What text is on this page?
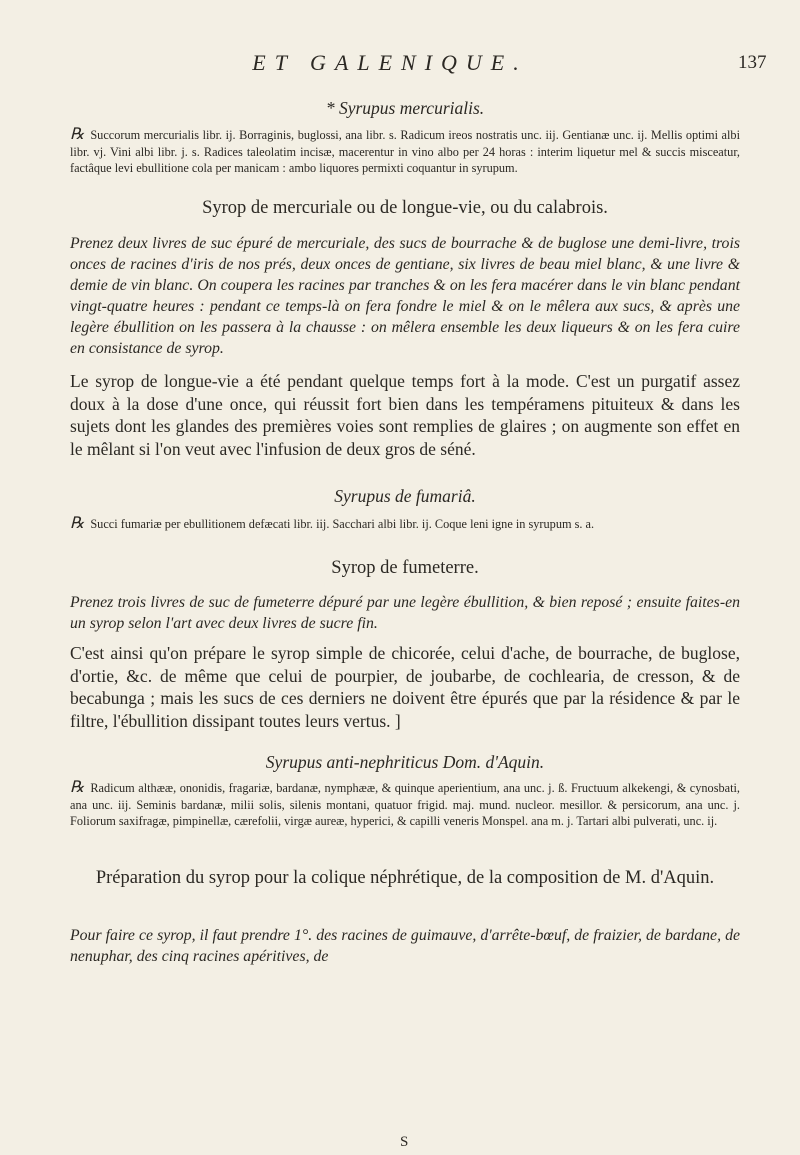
ET GALENIQUE.	137
* Syrupus mercurialis.
℞ Succorum mercurialis libr. ij. Borraginis, buglossi, ana libr. s. Radicum ireos nostratis unc. iij. Gentianæ unc. ij. Mellis optimi albi libr. vj. Vini albi libr. j. s. Radices taleolatim incisæ, macerentur in vino albo per 24 horas : interim liquetur mel & succis misceatur, factâque levi ebullitione cola per manicam : ambo liquores permixti coquantur in syrupum.
Syrop de mercuriale ou de longue-vie, ou du calabrois.
Prenez deux livres de suc épuré de mercuriale, des sucs de bourrache & de buglose une demi-livre, trois onces de racines d'iris de nos prés, deux onces de gentiane, six livres de beau miel blanc, & une livre & demie de vin blanc. On coupera les racines par tranches & on les fera macérer dans le vin blanc pendant vingt-quatre heures : pendant ce temps-là on fera fondre le miel & on le mêlera aux sucs, & après une legère ébullition on les passera à la chausse : on mêlera ensemble les deux liqueurs & on les fera cuire en consistance de syrop.
Le syrop de longue-vie a été pendant quelque temps fort à la mode. C'est un purgatif assez doux à la dose d'une once, qui réussit fort bien dans les tempéramens pituiteux & dans les sujets dont les glandes des premières voies sont remplies de glaires ; on augmente son effet en le mêlant si l'on veut avec l'infusion de deux gros de séné.
Syrupus de fumariâ.
℞ Succi fumariæ per ebullitionem defæcati libr. iij. Sacchari albi libr. ij. Coque leni igne in syrupum s. a.
Syrop de fumeterre.
Prenez trois livres de suc de fumeterre dépuré par une legère ébullition, & bien reposé ; ensuite faites-en un syrop selon l'art avec deux livres de sucre fin.
C'est ainsi qu'on prépare le syrop simple de chicorée, celui d'ache, de bourrache, de buglose, d'ortie, &c. de même que celui de pourpier, de joubarbe, de cochlearia, de cresson, & de becabunga ; mais les sucs de ces derniers ne doivent être épurés que par la résidence & par le filtre, l'ébullition dissipant toutes leurs vertus. ]
Syrupus anti-nephriticus Dom. d'Aquin.
℞ Radicum althææ, ononidis, fragariæ, bardanæ, nymphææ, & quinque aperientium, ana unc. j. ß. Fructuum alkekengi, & cynosbati, ana unc. iij. Seminis bardanæ, milii solis, silenis montani, quatuor frigid. maj. mund. nucleor. mesillor. & persicorum, ana unc. j. Foliorum saxifragæ, pimpinellæ, cærefolii, virgæ aureæ, hyperici, & capilli veneris Monspel. ana m. j. Tartari albi pulverati, unc. ij.
Préparation du syrop pour la colique néphrétique, de la composition de M. d'Aquin.
Pour faire ce syrop, il faut prendre 1°. des racines de guimauve, d'arrête-bœuf, de fraizier, de bardane, de nenuphar, des cinq racines apéritives, de
S
